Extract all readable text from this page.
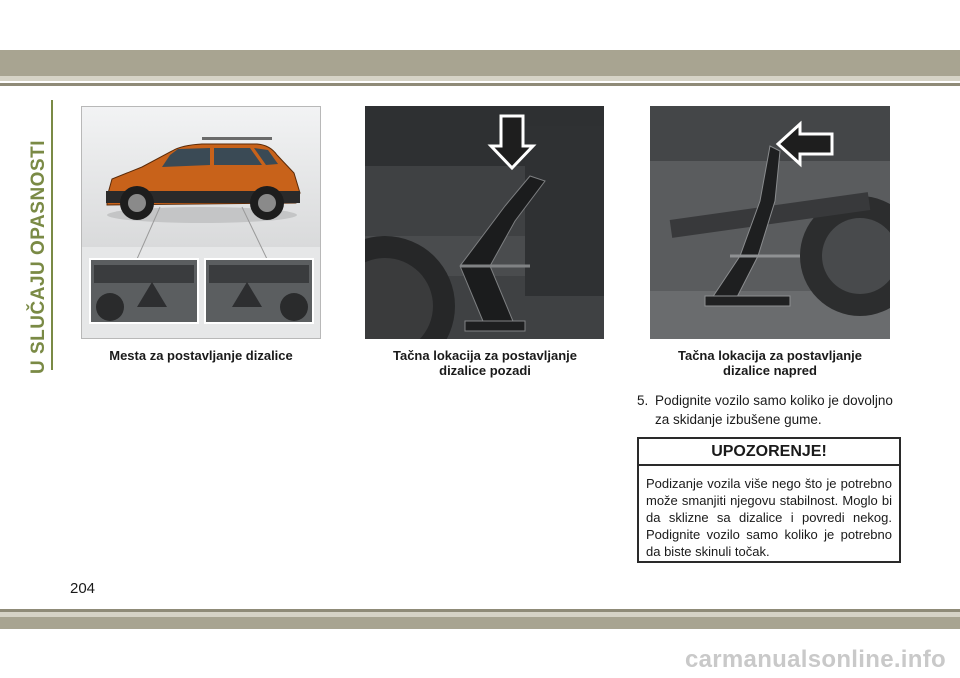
U SLUČAJU OPASNOSTI	Mesta za postavljanje dizalice	Tačna lokacija za postavljanje
dizalice pozadi
Tačna lokacija za postavljanje
dizalice napred
5. Podignite vozilo samo koliko je dovoljno
za skidanje izbušene gume.
UPOZORENJE!
Podizanje vozila više nego što je potrebno može smanjiti njegovu stabilnost. Moglo bi da sklizne sa dizalice i povredi nekog. Podignite vozilo samo koliko je potrebno da biste skinuli točak.
204
carmanualsonline.info
